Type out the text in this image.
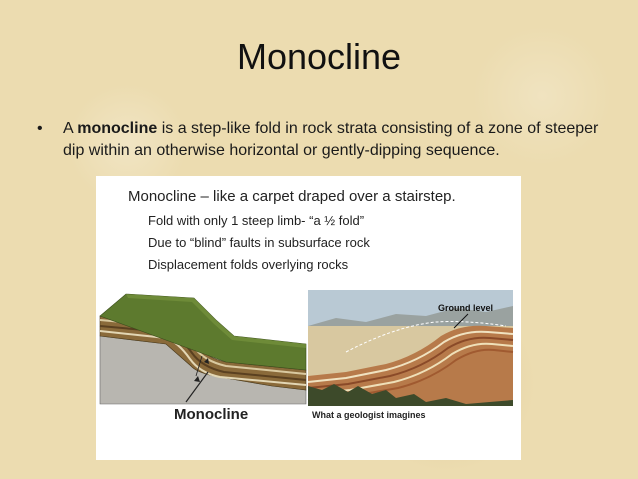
Monocline
• A monocline is a step-like fold in rock strata consisting of a zone of steeper dip within an otherwise horizontal or gently-dipping sequence.
Monocline – like a carpet draped over a stairstep.
Fold with only 1 steep limb- “a ½ fold”
Due to “blind” faults in subsurface rock
Displacement folds overlying rocks
Ground level
Monocline	What a geologist imagines
